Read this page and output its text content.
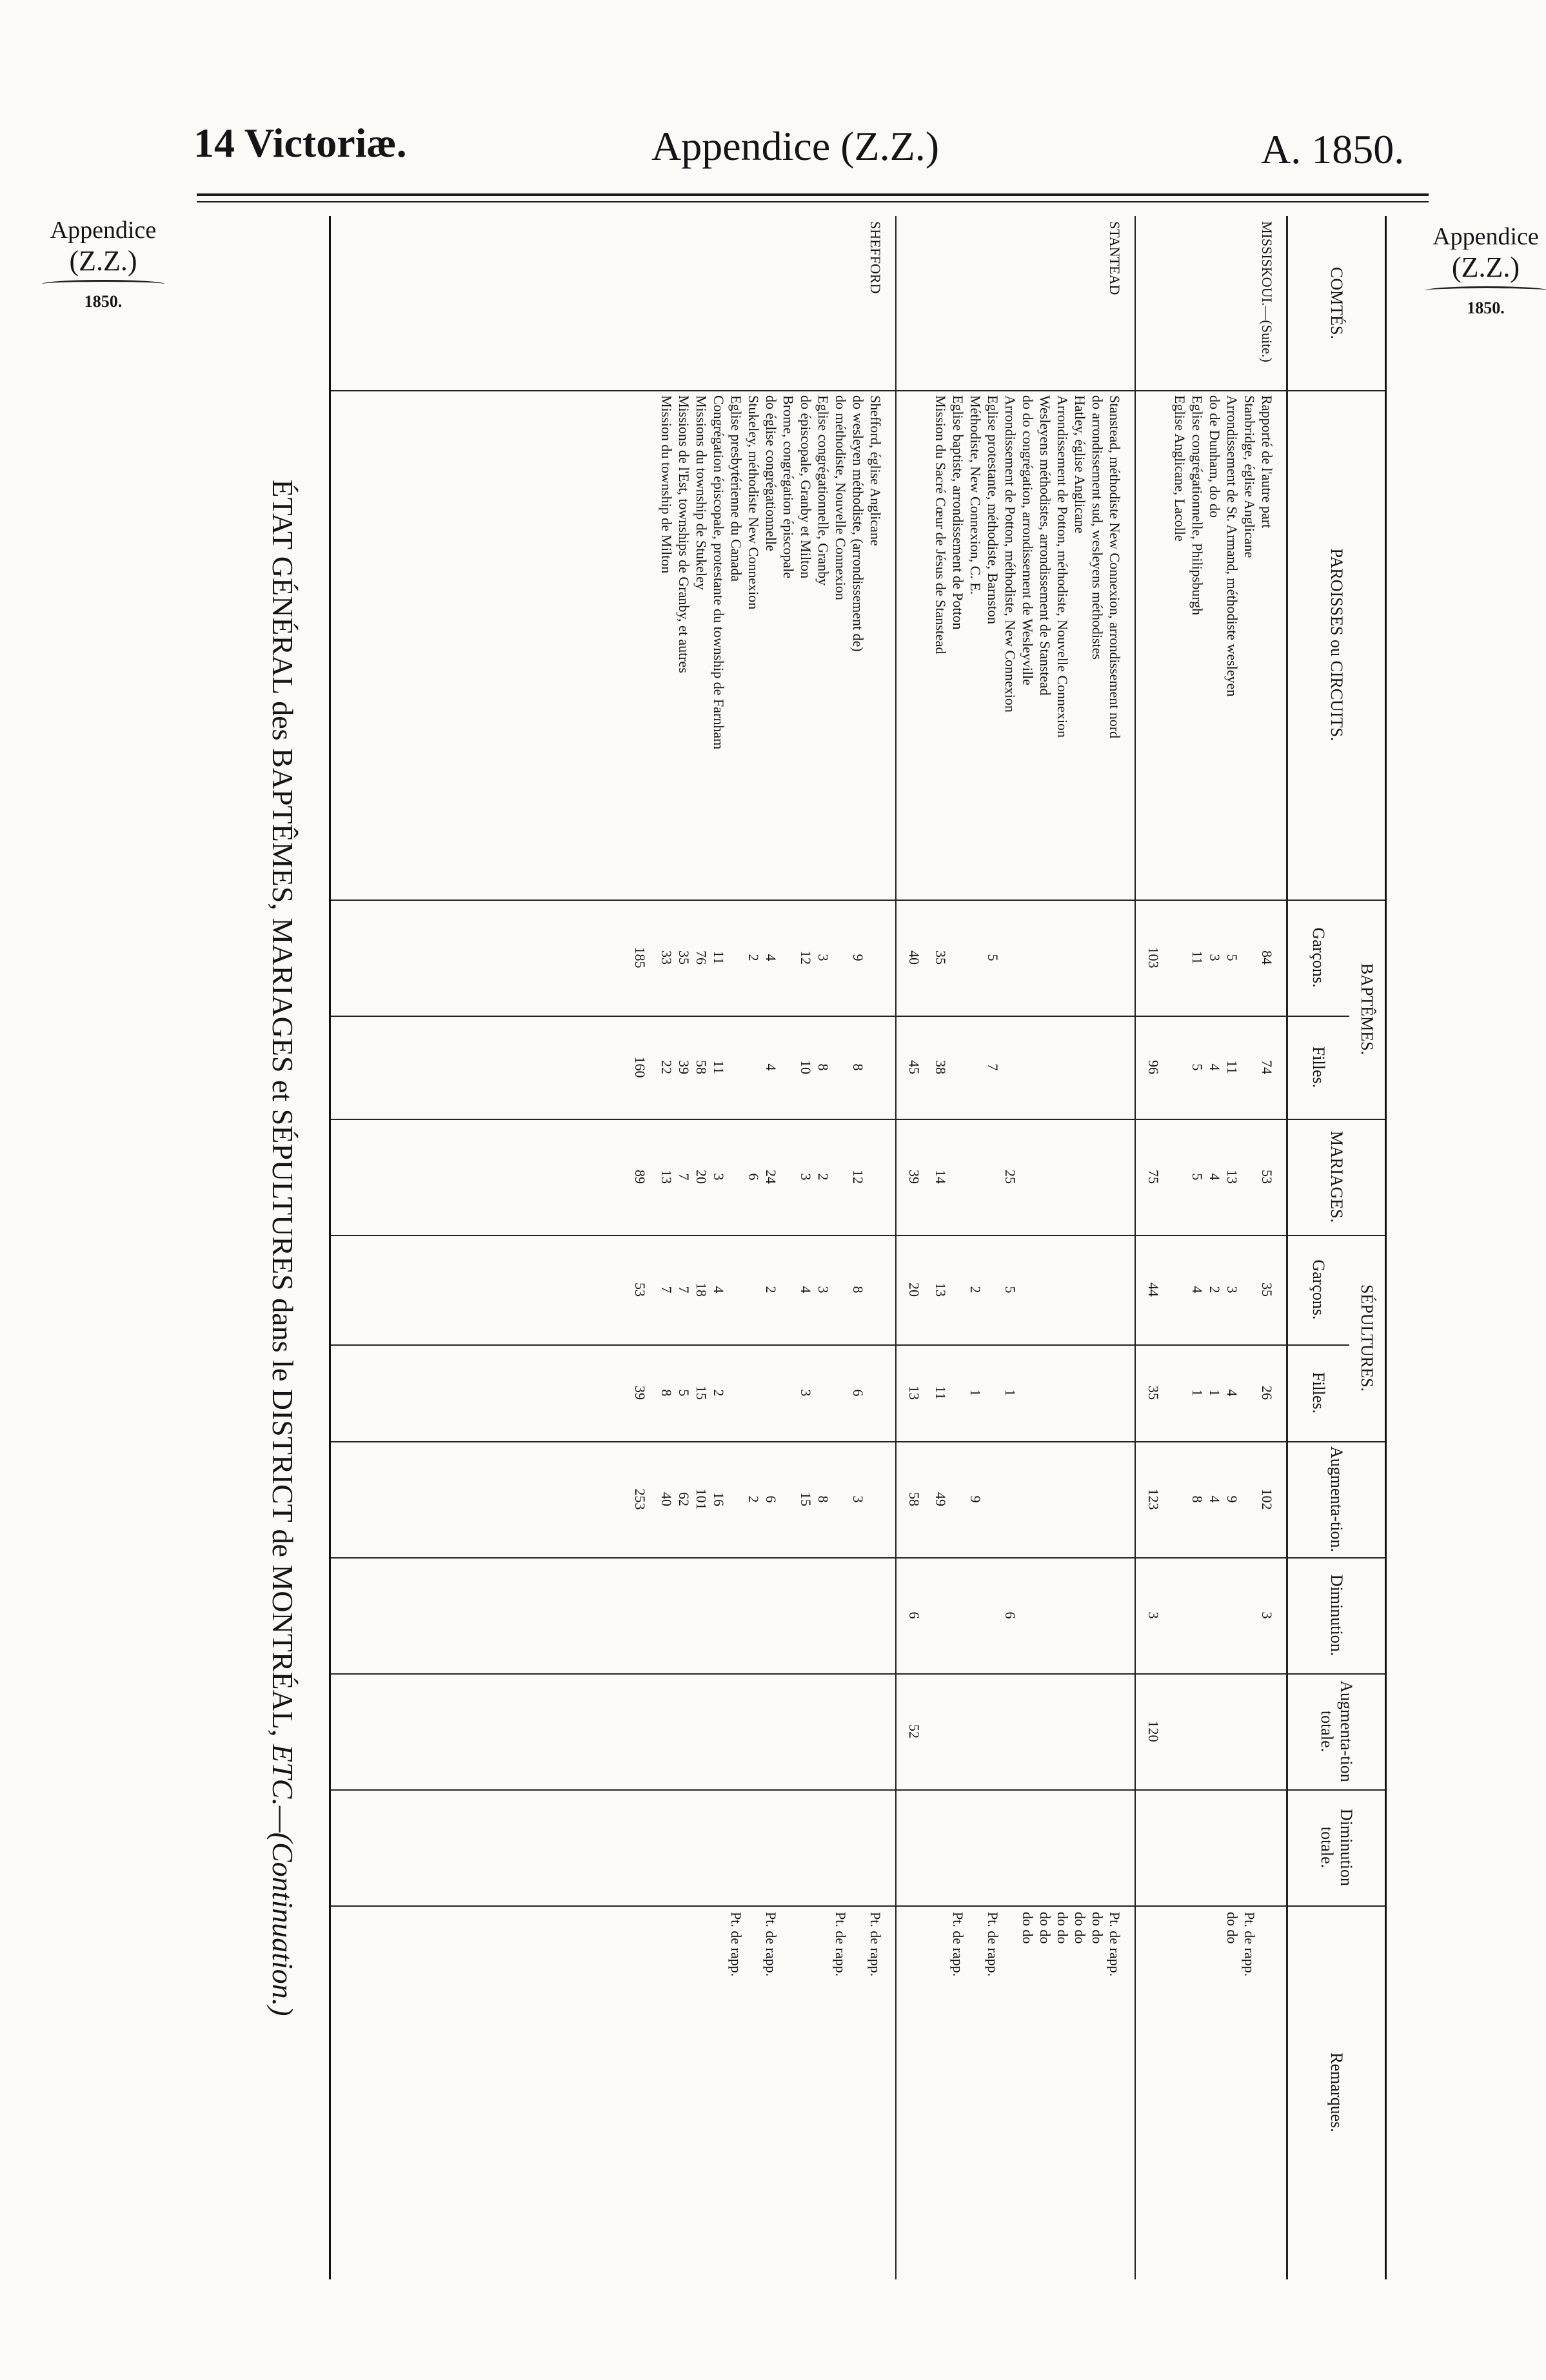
14 Victoriæ.	Appendice (Z.Z.)	A. 1850.
Appendice
(Z.Z.)
1850.
Appendice
(Z.Z.)
1850.
ÉTAT GÉNÉRAL des BAPTÊMES, MARIAGES et SÉPULTURES dans le DISTRICT de MONTRÉAL, ETC.—(Continuation.)
COMTÉS.
PAROISSES ou CIRCUITS.
BAPTÊMES.
Garçons.
Filles.
MARIAGES.
SÉPULTURES.
Garçons.
Filles.
Augmenta-tion.
Diminution.
Augmenta-tion totale.
Diminution totale.
Remarques.
MISSISKOUI.—(Suite.)
Rapporté de l'autre part
84
74
53
35
26
102
3
Stanbridge, église Anglicane
Pt. de rapp.
Arrondissement de St. Armand, méthodiste wesleyen
5
11
13
3
4
9
do do
do de Dunham, do do
3
4
4
2
1
4
Eglise congrégationnelle, Philipsburgh
11
5
5
4
1
8
Eglise Anglicane, Lacolle
103
96
75
44
35
123
3
120
STANTEAD
Stanstead, méthodiste New Connexion, arrondissement nord
Pt. de rapp.
do arrondissement sud, wesleyens méthodistes
do do
Hatley, église Anglicane
do do
Arrondissement de Potton, méthodiste, Nouvelle Connexion
do do
Wesleyens méthodistes, arrondissement de Stanstead
do do
do do congrégation, arrondissement de Wesleyville
do do
Arrondissement de Potton, méthodiste, New Connexion
25
5
1
6
Eglise protestante, méthodiste, Barnston
5
7
Pt. de rapp.
Méthodiste, New Connexion, C. E.
2
1
9
Eglise baptiste, arrondissement de Potton
Pt. de rapp.
Mission du Sacré Cœur de Jésus de Stanstead
35
38
14
13
11
49
40
45
39
20
13
58
6
52
SHEFFORD
Shefford, église Anglicane
Pt. de rapp.
do wesleyen méthodiste, (arrondissement de)
9
8
12
8
6
3
do méthodiste, Nouvelle Connexion
Pt. de rapp.
Eglise congrégationnelle, Granby
3
8
2
3
8
do épiscopale, Granby et Milton
12
10
3
4
3
15
Brome, congrégation épiscopale
do église congrégationnelle
4
4
24
2
6
Pt. de rapp.
Stukeley, méthodiste New Connexion
2
6
2
Eglise presbytérienne du Canada
Pt. de rapp.
Congrégation épiscopale, protestante du township de Farnham
11
11
3
4
2
16
Missions du township de Stukeley
76
58
20
18
15
101
Missions de l'Est, townships de Granby, et autres
35
39
7
7
5
62
Mission du township de Milton
33
22
13
7
8
40
185
160
89
53
39
253
